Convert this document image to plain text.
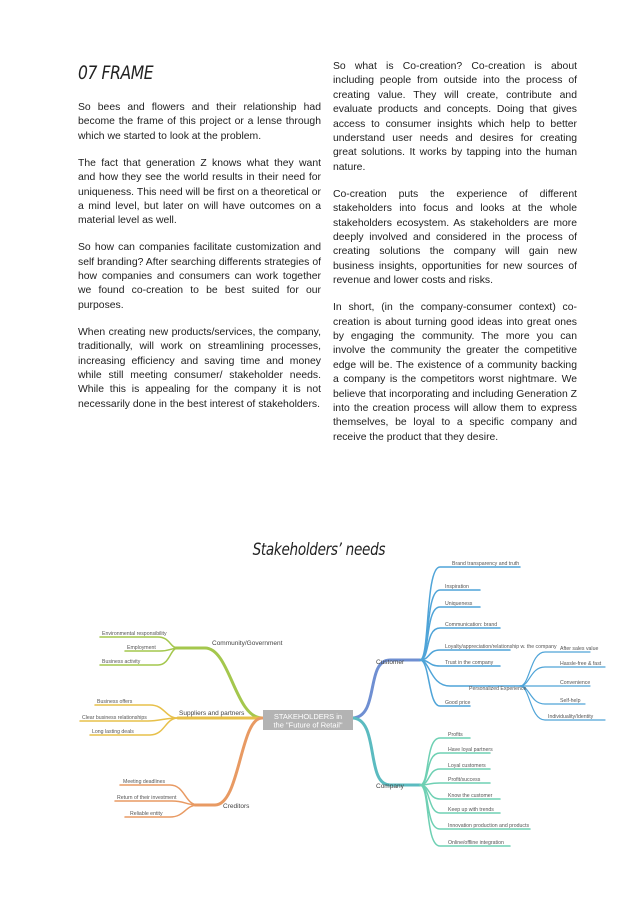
07 FRAME

So bees and flowers and their relationship had become the frame of this project or a lense through which we started to look at the problem.

The fact that generation Z knows what they want and how they see the world results in their need for uniqueness. This need will be first on a theoretical or a mind level, but later on will have outcomes on a material level as well.

So how can companies facilitate customization and self branding? After searching differents strategies of how companies and consumers can work together we found co-creation to be best suited for our purposes.

When creating new products/services, the company, traditionally, will work on streamlining processes, increasing efficiency and saving time and money while still meeting consumer/ stakeholder needs. While this is appealing for the company it is not necessarily done in the best interest of stakeholders.

So what is Co-creation? Co-creation is about including people from outside into the process of creating value. They will create, contribute and evaluate products and concepts. Doing that gives access to consumer insights which help to better understand user needs and desires for creating great solutions. It works by tapping into the human nature.

Co-creation puts the experience of different stakeholders into focus and looks at the whole stakeholders ecosystem. As stakeholders are more deeply involved and considered in the process of creating solutions the company will gain new business insights, opportunities for new sources of revenue and lower costs and risks.

In short, (in the company-consumer context) co-creation is about turning good ideas into great ones by engaging the community. The more you can involve the community the greater the competitive edge will be. The existence of a community backing a company is the competitors worst nightmare. We believe that incorporating and including Generation Z into the creation process will allow them to express themselves, be loyal to a specific company and receive the product that they desire.

Stakeholders’ needs
STAKEHOLDERS in
the "Future of Retail"
Community/Government
Suppliers and partners
Creditors
Customer
Company
Personalized Experience
Environmental responsibility
Employment
Business activity
Business offers
Clear business relationships
Long lasting deals
Meeting deadlines
Return of their investment
Reliable entity
Brand transparency and truth
Inspiration
Uniqueness
Communication: brand
Loyalty/appreciation/relationship w. the company
Trust in the company
Good price
After sales value
Hassle-free & fast
Convenience
Self-help
Individuality/Identity
Profits
Have loyal partners
Loyal customers
Profit/success
Know the customer
Keep up with trends
Innovation production and products
Online/offline integration
